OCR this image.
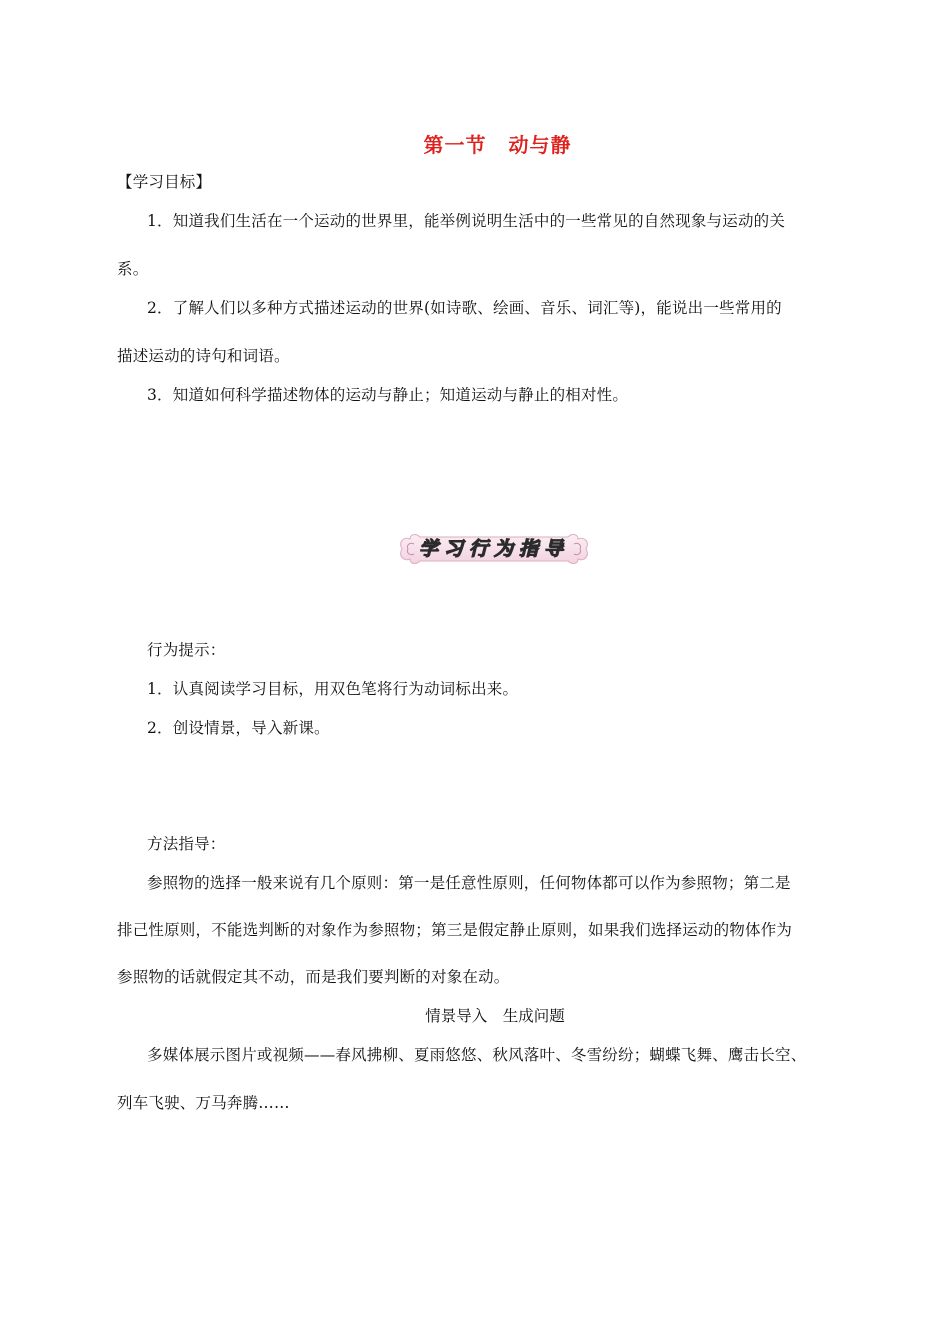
第一节 动与静
【学习目标】
1．知道我们生活在一个运动的世界里，能举例说明生活中的一些常见的自然现象与运动的关
系。
2．了解人们以多种方式描述运动的世界(如诗歌、绘画、音乐、词汇等)，能说出一些常用的
描述运动的诗句和词语。
3．知道如何科学描述物体的运动与静止；知道运动与静止的相对性。
学习行为指导
行为提示：
1．认真阅读学习目标，用双色笔将行为动词标出来。
2．创设情景，导入新课。
方法指导：
参照物的选择一般来说有几个原则：第一是任意性原则，任何物体都可以作为参照物；第二是
排己性原则，不能选判断的对象作为参照物；第三是假定静止原则，如果我们选择运动的物体作为
参照物的话就假定其不动，而是我们要判断的对象在动。
情景导入　生成问题
多媒体展示图片或视频——春风拂柳、夏雨悠悠、秋风落叶、冬雪纷纷；蝴蝶飞舞、鹰击长空、
列车飞驶、万马奔腾……
